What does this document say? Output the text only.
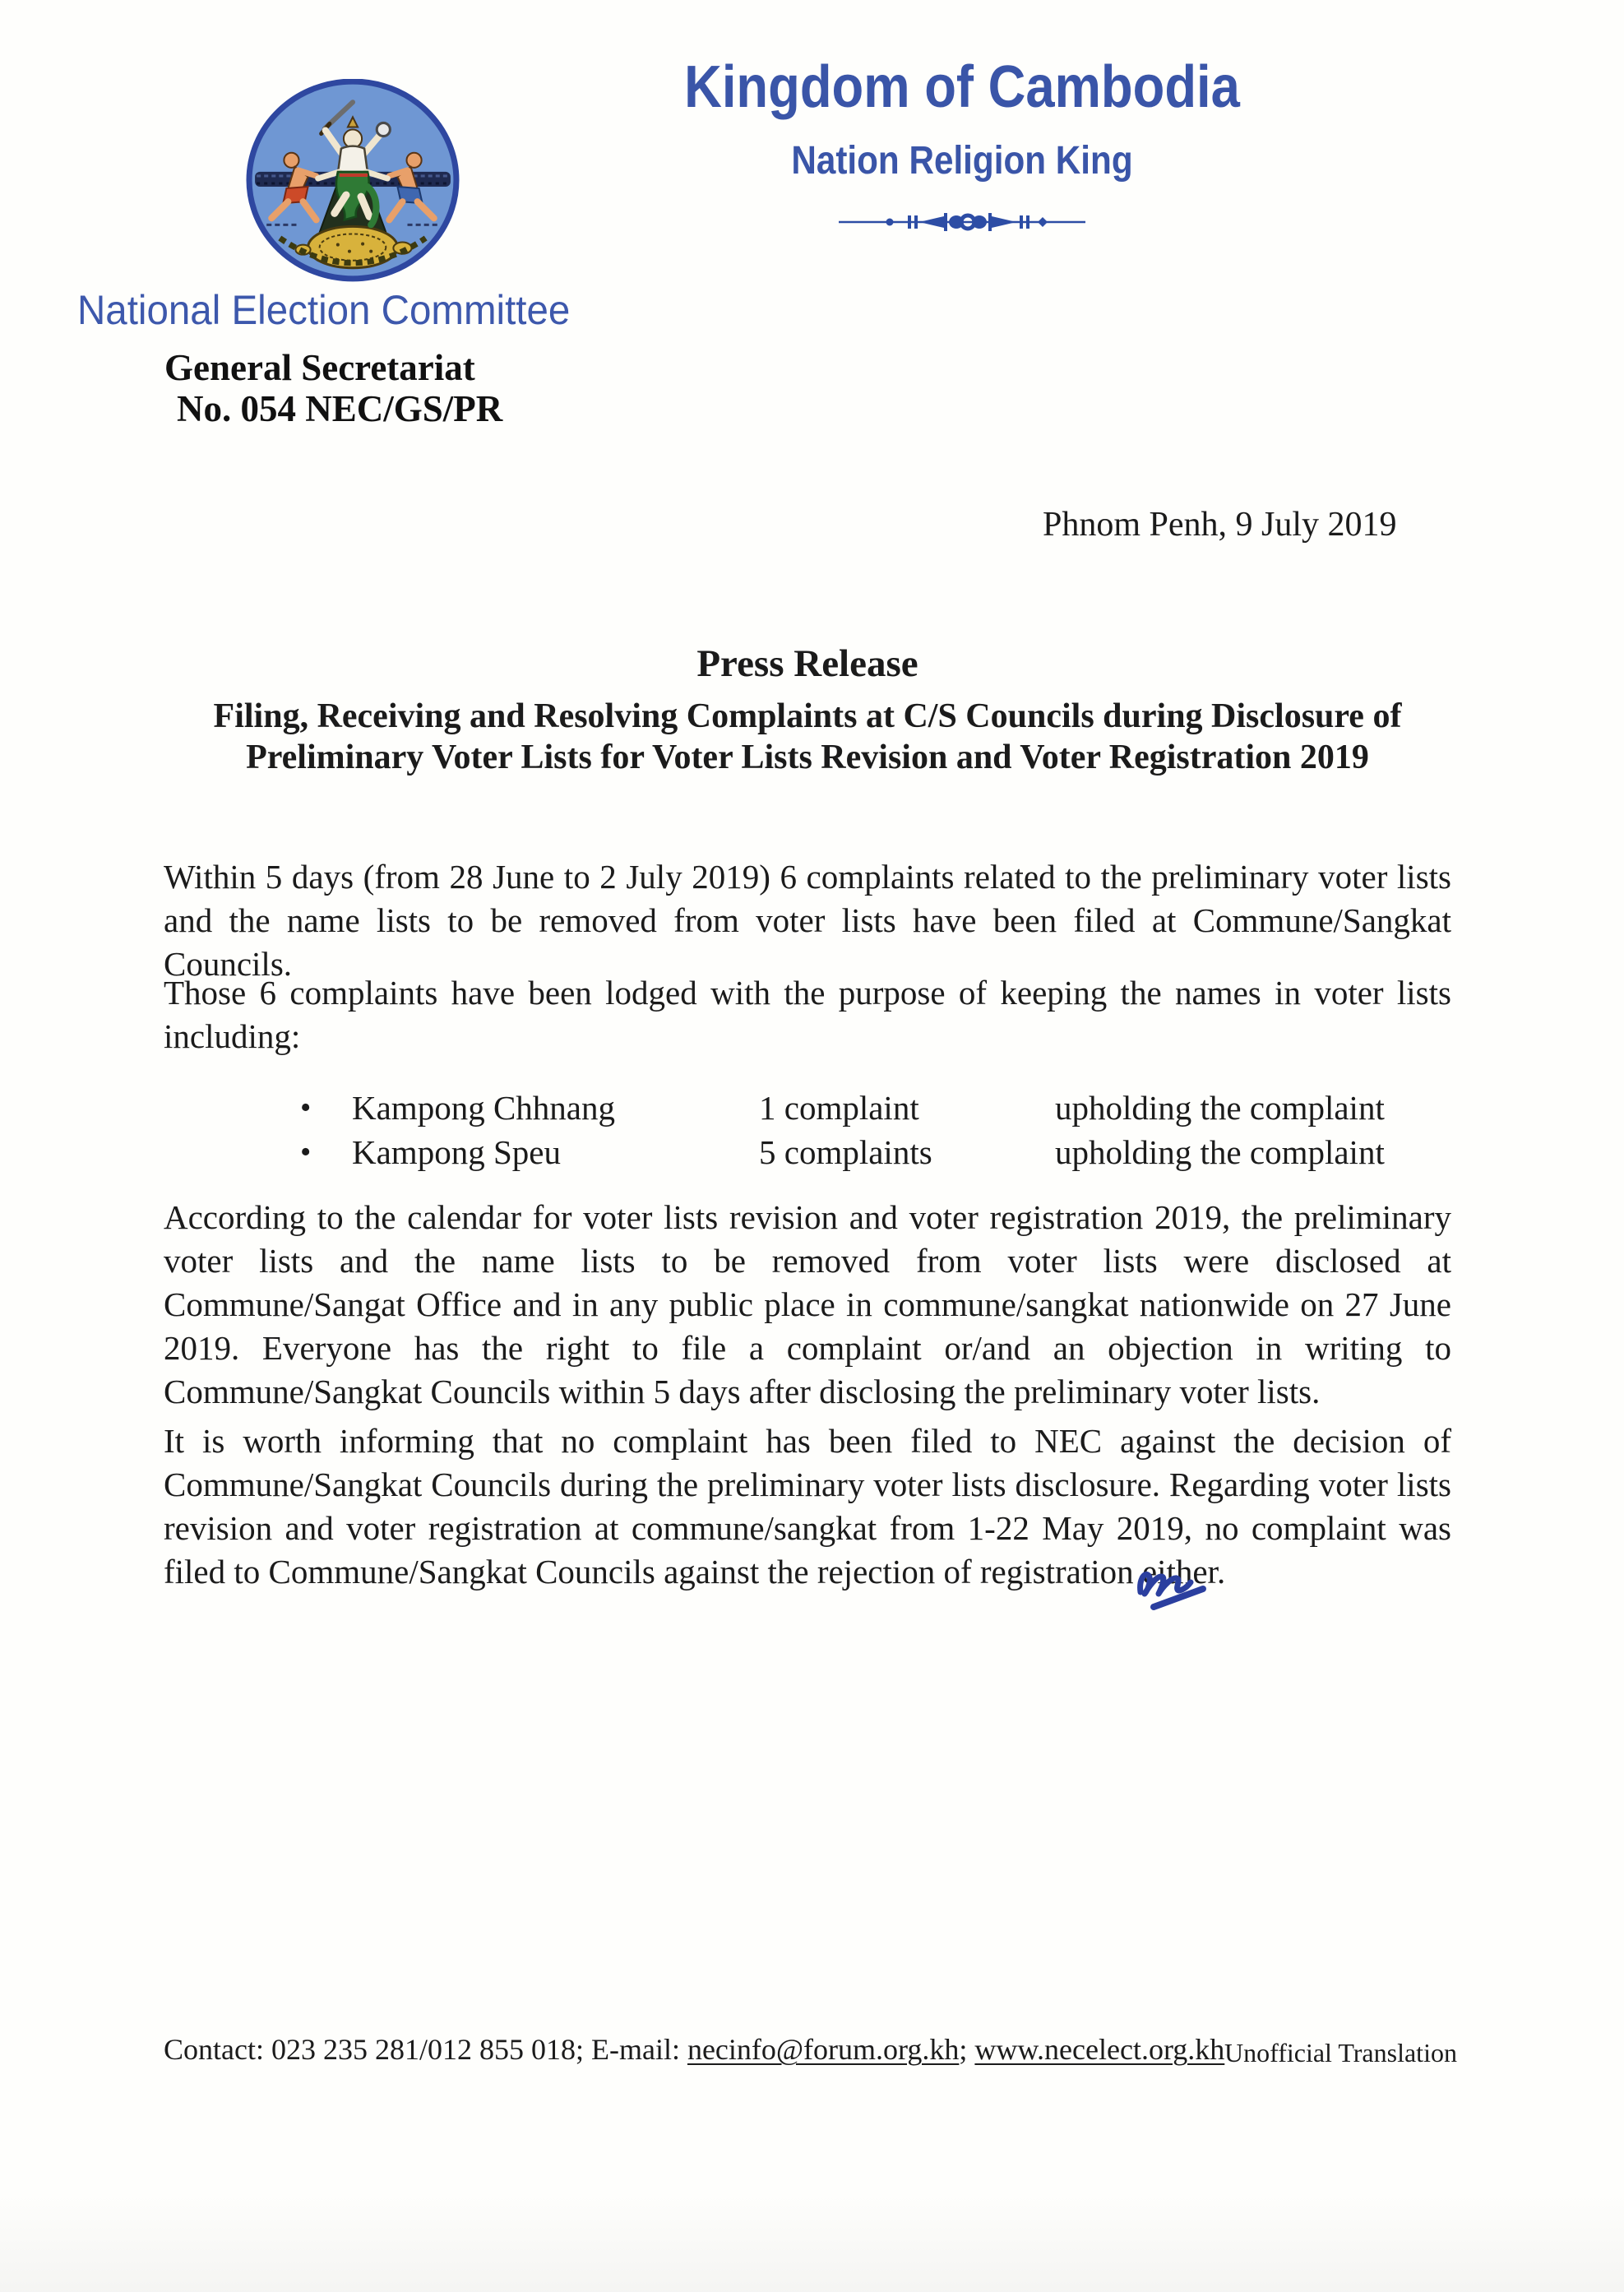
Kingdom of Cambodia
Nation Religion King
National Election Committee
General Secretariat
No. 054 NEC/GS/PR
Phnom Penh, 9 July 2019
Press Release
Filing, Receiving and Resolving Complaints at C/S Councils during Disclosure of Preliminary Voter Lists for Voter Lists Revision and Voter Registration 2019

Within 5 days (from 28 June to 2 July 2019) 6 complaints related to the preliminary voter lists and the name lists to be removed from voter lists have been filed at Commune/Sangkat Councils.

Those 6 complaints have been lodged with the purpose of keeping the names in voter lists including:

•	Kampong Chhnang	1 complaint	upholding the complaint
•	Kampong Speu	5 complaints	upholding the complaint

According to the calendar for voter lists revision and voter registration 2019, the preliminary voter lists and the name lists to be removed from voter lists were disclosed at Commune/Sangat Office and in any public place in commune/sangkat nationwide on 27 June 2019. Everyone has the right to file a complaint or/and an objection in writing to Commune/Sangkat Councils within 5 days after disclosing the preliminary voter lists.

It is worth informing that no complaint has been filed to NEC against the decision of Commune/Sangkat Councils during the preliminary voter lists disclosure. Regarding voter lists revision and voter registration at commune/sangkat from 1-22 May 2019, no complaint was filed to Commune/Sangkat Councils against the rejection of registration either.

Contact: 023 235 281/012 855 018; E-mail: necinfo@forum.org.kh; www.necelect.org.kh Unofficial Translation
